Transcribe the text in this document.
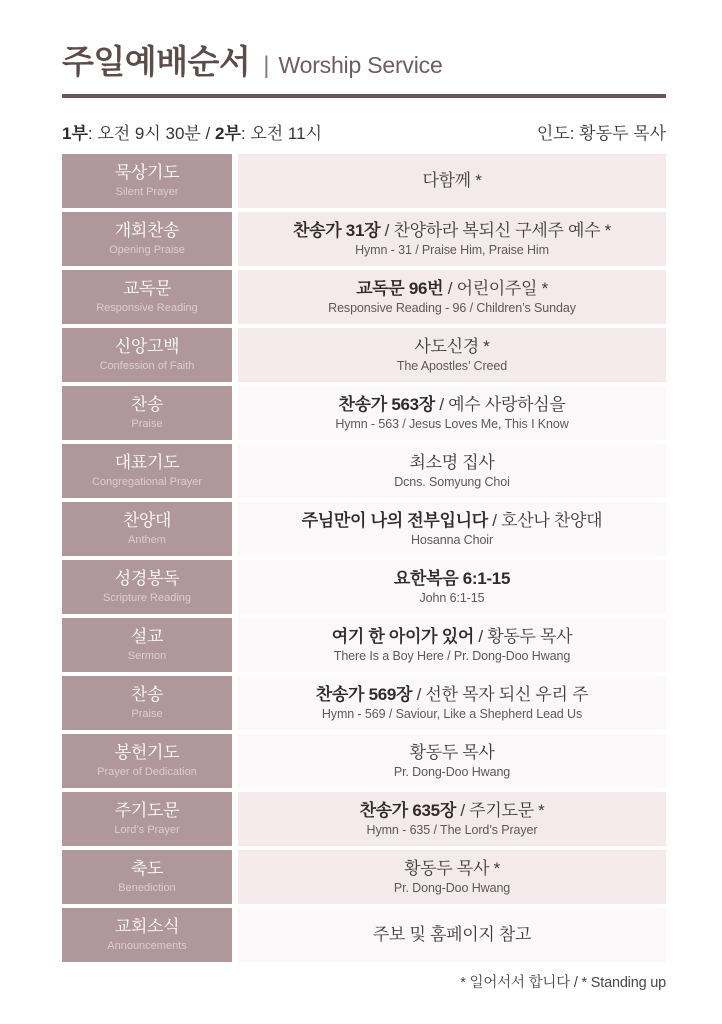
주일예배순서 | Worship Service
1부: 오전 9시 30분 / 2부: 오전 11시	인도: 황동두 목사
묵상기도
Silent Prayer
다함께 *
개회찬송
Opening Praise
찬송가 31장 / 찬양하라 복되신 구세주 예수 *
Hymn - 31 / Praise Him, Praise Him
교독문
Responsive Reading
교독문 96번 / 어린이주일 *
Responsive Reading - 96 / Children’s Sunday
신앙고백
Confession of Faith
사도신경 *
The Apostles’ Creed
찬송
Praise
찬송가 563장 / 예수 사랑하심을
Hymn - 563 / Jesus Loves Me, This I Know
대표기도
Congregational Prayer
최소명 집사
Dcns. Somyung Choi
찬양대
Anthem
주님만이 나의 전부입니다 / 호산나 찬양대
Hosanna Choir
성경봉독
Scripture Reading
요한복음 6:1-15
John 6:1-15
설교
Sermon
여기 한 아이가 있어 / 황동두 목사
There Is a Boy Here / Pr. Dong-Doo Hwang
찬송
Praise
찬송가 569장 / 선한 목자 되신 우리 주
Hymn - 569 / Saviour, Like a Shepherd Lead Us
봉헌기도
Prayer of Dedication
황동두 목사
Pr. Dong-Doo Hwang
주기도문
Lord’s Prayer
찬송가 635장 / 주기도문 *
Hymn - 635 / The Lord’s Prayer
축도
Benediction
황동두 목사 *
Pr. Dong-Doo Hwang
교회소식
Announcements
주보 및 홈페이지 참고
* 일어서서 합니다 / * Standing up
